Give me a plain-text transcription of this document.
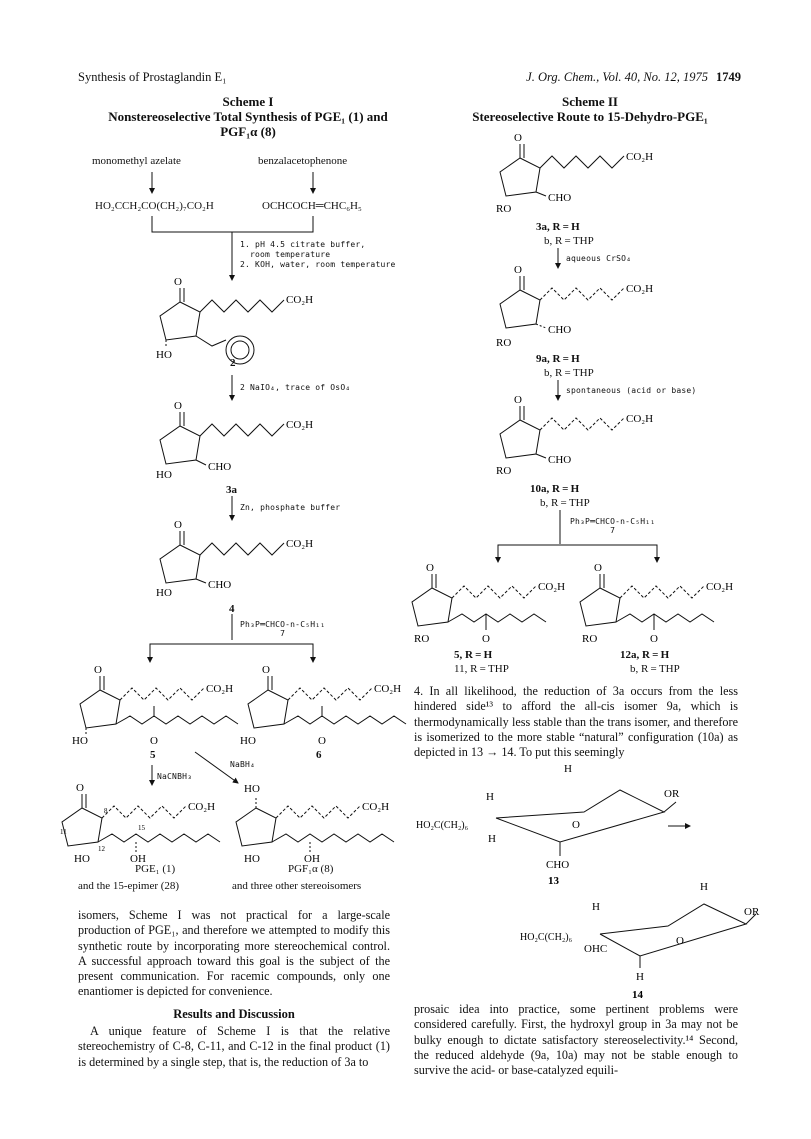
Synthesis of Prostaglandin E₁	J. Org. Chem., Vol. 40, No. 12, 1975 1749
Scheme I
Nonstereoselective Total Synthesis of PGE₁ (1) and
PGF₁α (8)
monomethyl azelate	benzalacetophenone
HO₂CCH₂CO(CH₂)₇CO₂H	OCHCOCH═CHC₆H₅
1. pH 4.5 citrate buffer,
room temperature
2. KOH, water, room temperature
2 NaIO₄, trace of OsO₄
Zn, phosphate buffer
Ph₃P═CHCO-n-C₅H₁₁
7
NaCNBH₃
NaBH₄
2
3a
4
5	6
PGE₁ (1)
and the 15-epimer (28)
PGF₁α (8)
and three other stereoisomers
O
CO₂H
HO
O
CO₂H
CHO
HO
O
CO₂H
CHO
HO
O
CO₂H
HO	O
O
CO₂H
HO	O
O
CO₂H
HO	OH
8
11
12
15
HO
CO₂H
HO	OH
O
CO₂H
CHO
RO
O
CO₂H
CHO
RO
O
CO₂H
CHO
RO
O
CO₂H
RO	O
O
CO₂H
RO	O
H
H	OR
HO₂C(CH₂)₆
H
O
CHO
13	H
H	OR
HO₂C(CH₂)₆
OHC
O
H
14
Scheme II
Stereoselective Route to 15-Dehydro-PGE₁
3a, R = H
b, R = THP
aqueous CrSO₄
9a, R = H
b, R = THP
spontaneous (acid or base)
10a, R = H
b, R = THP
Ph₃P═CHCO-n-C₅H₁₁
7
5, R = H
11, R = THP
12a, R = H
b, R = THP
isomers, Scheme I was not practical for a large-scale production of PGE₁, and therefore we attempted to modify this synthetic route by incorporating more stereochemical control. A successful approach toward this goal is the subject of the present communication. For racemic compounds, only one enantiomer is depicted for convenience.
Results and Discussion
A unique feature of Scheme I is that the relative stereochemistry of C-8, C-11, and C-12 in the final product (1) is determined by a single step, that is, the reduction of 3a to
4. In all likelihood, the reduction of 3a occurs from the less hindered side¹³ to afford the all-cis isomer 9a, which is thermodynamically less stable than the trans isomer, and therefore is isomerized to the more stable “natural” configuration (10a) as depicted in 13 → 14. To put this seemingly
prosaic idea into practice, some pertinent problems were considered carefully. First, the hydroxyl group in 3a may not be bulky enough to dictate satisfactory stereoselectivity.¹⁴ Second, the reduced aldehyde (9a, 10a) may not be stable enough to survive the acid- or base-catalyzed equili-
